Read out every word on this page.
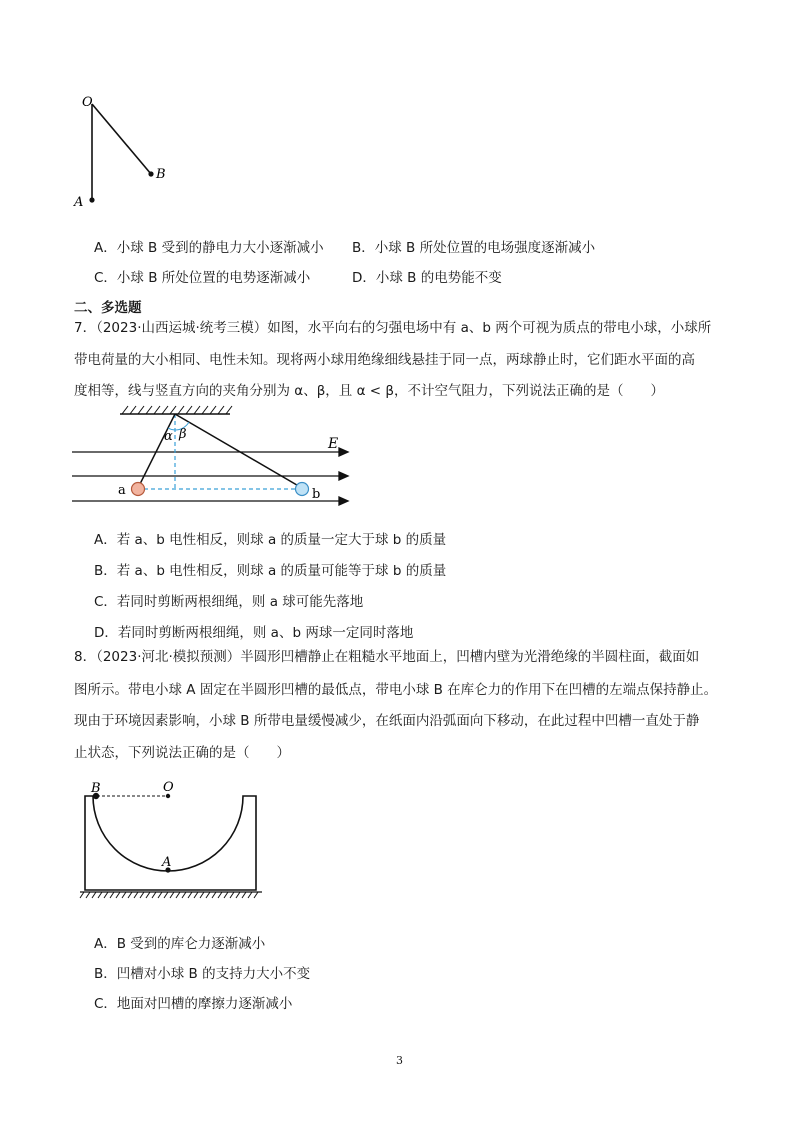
O
B
A
A．小球 B 受到的静电力大小逐渐减小 B．小球 B 所处位置的电场强度逐渐减小
C．小球 B 所处位置的电势逐渐减小	D．小球 B 的电势能不变
二、多选题
7．（2023·山西运城·统考三模）如图，水平向右的匀强电场中有 a、b 两个可视为质点的带电小球，小球所
带电荷量的大小相同、电性未知。现将两小球用绝缘细线悬挂于同一点，两球静止时，它们距水平面的高
度相等，线与竖直方向的夹角分别为 α、β，且 α < β，不计空气阻力，下列说法正确的是（　　）
E
α β
a	b
A．若 a、b 电性相反，则球 a 的质量一定大于球 b 的质量
B．若 a、b 电性相反，则球 a 的质量可能等于球 b 的质量
C．若同时剪断两根细绳，则 a 球可能先落地
D．若同时剪断两根细绳，则 a、b 两球一定同时落地
8．（2023·河北·模拟预测）半圆形凹槽静止在粗糙水平地面上，凹槽内壁为光滑绝缘的半圆柱面，截面如
图所示。带电小球 A 固定在半圆形凹槽的最低点，带电小球 B 在库仑力的作用下在凹槽的左端点保持静止。
现由于环境因素影响，小球 B 所带电量缓慢减少，在纸面内沿弧面向下移动，在此过程中凹槽一直处于静
止状态，下列说法正确的是（　　）
B	O
A
A．B 受到的库仑力逐渐减小
B．凹槽对小球 B 的支持力大小不变
C．地面对凹槽的摩擦力逐渐减小
3
